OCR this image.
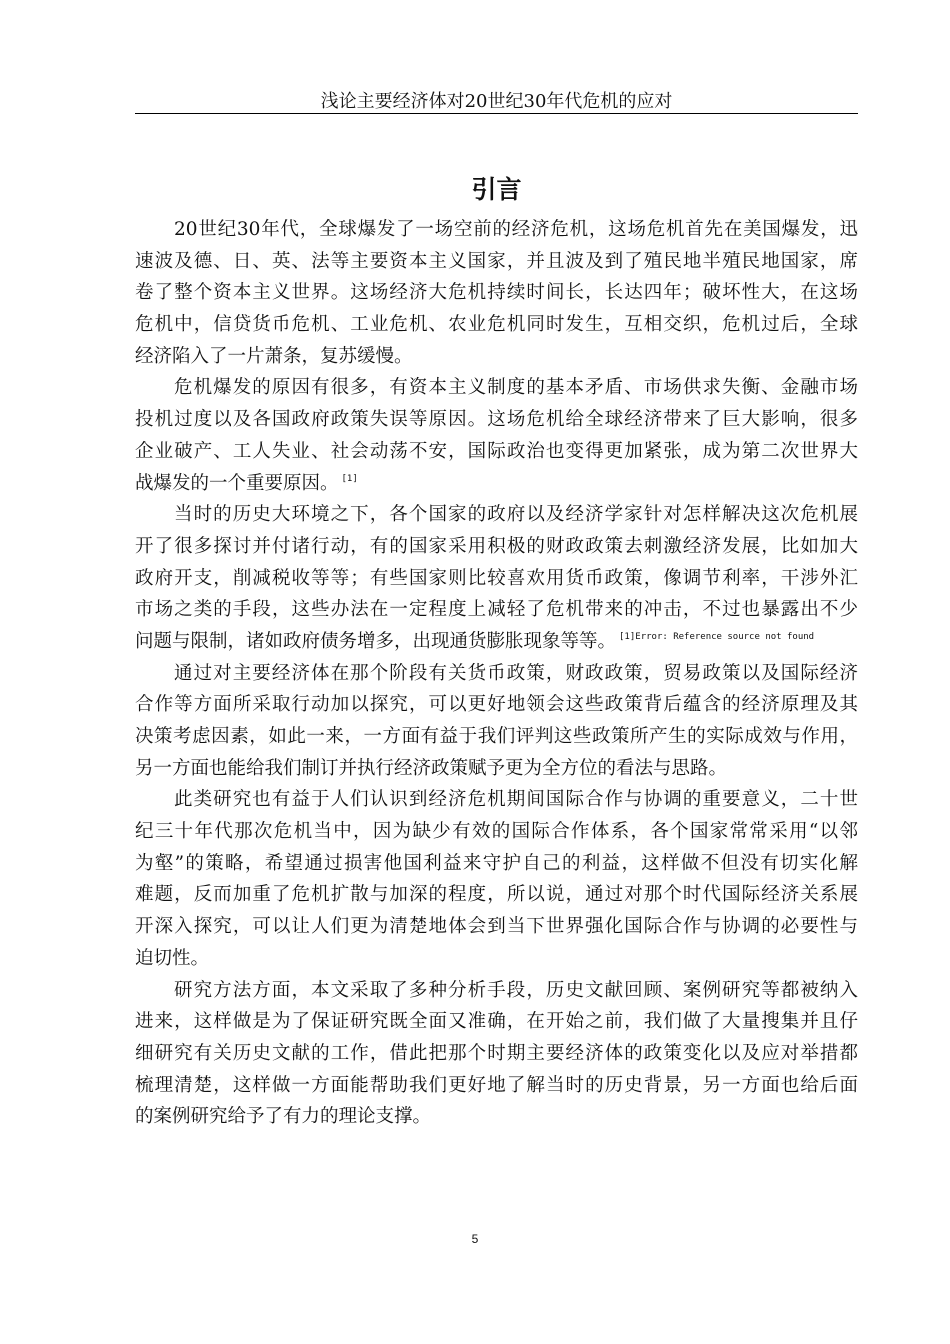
浅论主要经济体对20世纪30年代危机的应对
引言
20世纪30年代，全球爆发了一场空前的经济危机，这场危机首先在美国爆发，迅
速波及德、日、英、法等主要资本主义国家，并且波及到了殖民地半殖民地国家，席
卷了整个资本主义世界。这场经济大危机持续时间长，长达四年；破坏性大，在这场
危机中，信贷货币危机、工业危机、农业危机同时发生，互相交织，危机过后，全球
经济陷入了一片萧条，复苏缓慢。
危机爆发的原因有很多，有资本主义制度的基本矛盾、市场供求失衡、金融市场
投机过度以及各国政府政策失误等原因。这场危机给全球经济带来了巨大影响，很多
企业破产、工人失业、社会动荡不安，国际政治也变得更加紧张，成为第二次世界大
战爆发的一个重要原因。 [1]
当时的历史大环境之下，各个国家的政府以及经济学家针对怎样解决这次危机展
开了很多探讨并付诸行动，有的国家采用积极的财政政策去刺激经济发展，比如加大
政府开支，削减税收等等；有些国家则比较喜欢用货币政策，像调节利率，干涉外汇
市场之类的手段，这些办法在一定程度上减轻了危机带来的冲击，不过也暴露出不少
问题与限制，诸如政府债务增多，出现通货膨胀现象等等。 $^{[1]Error: Reference source not found}$
通过对主要经济体在那个阶段有关货币政策，财政政策，贸易政策以及国际经济
合作等方面所采取行动加以探究，可以更好地领会这些政策背后蕴含的经济原理及其
决策考虑因素，如此一来，一方面有益于我们评判这些政策所产生的实际成效与作用，
另一方面也能给我们制订并执行经济政策赋予更为全方位的看法与思路。
此类研究也有益于人们认识到经济危机期间国际合作与协调的重要意义，二十世
纪三十年代那次危机当中，因为缺少有效的国际合作体系，各个国家常常采用“以邻
为壑”的策略，希望通过损害他国利益来守护自己的利益，这样做不但没有切实化解
难题，反而加重了危机扩散与加深的程度，所以说，通过对那个时代国际经济关系展
开深入探究，可以让人们更为清楚地体会到当下世界强化国际合作与协调的必要性与
迫切性。
研究方法方面，本文采取了多种分析手段，历史文献回顾、案例研究等都被纳入
进来，这样做是为了保证研究既全面又准确，在开始之前，我们做了大量搜集并且仔
细研究有关历史文献的工作，借此把那个时期主要经济体的政策变化以及应对举措都
梳理清楚，这样做一方面能帮助我们更好地了解当时的历史背景，另一方面也给后面
的案例研究给予了有力的理论支撑。
5
